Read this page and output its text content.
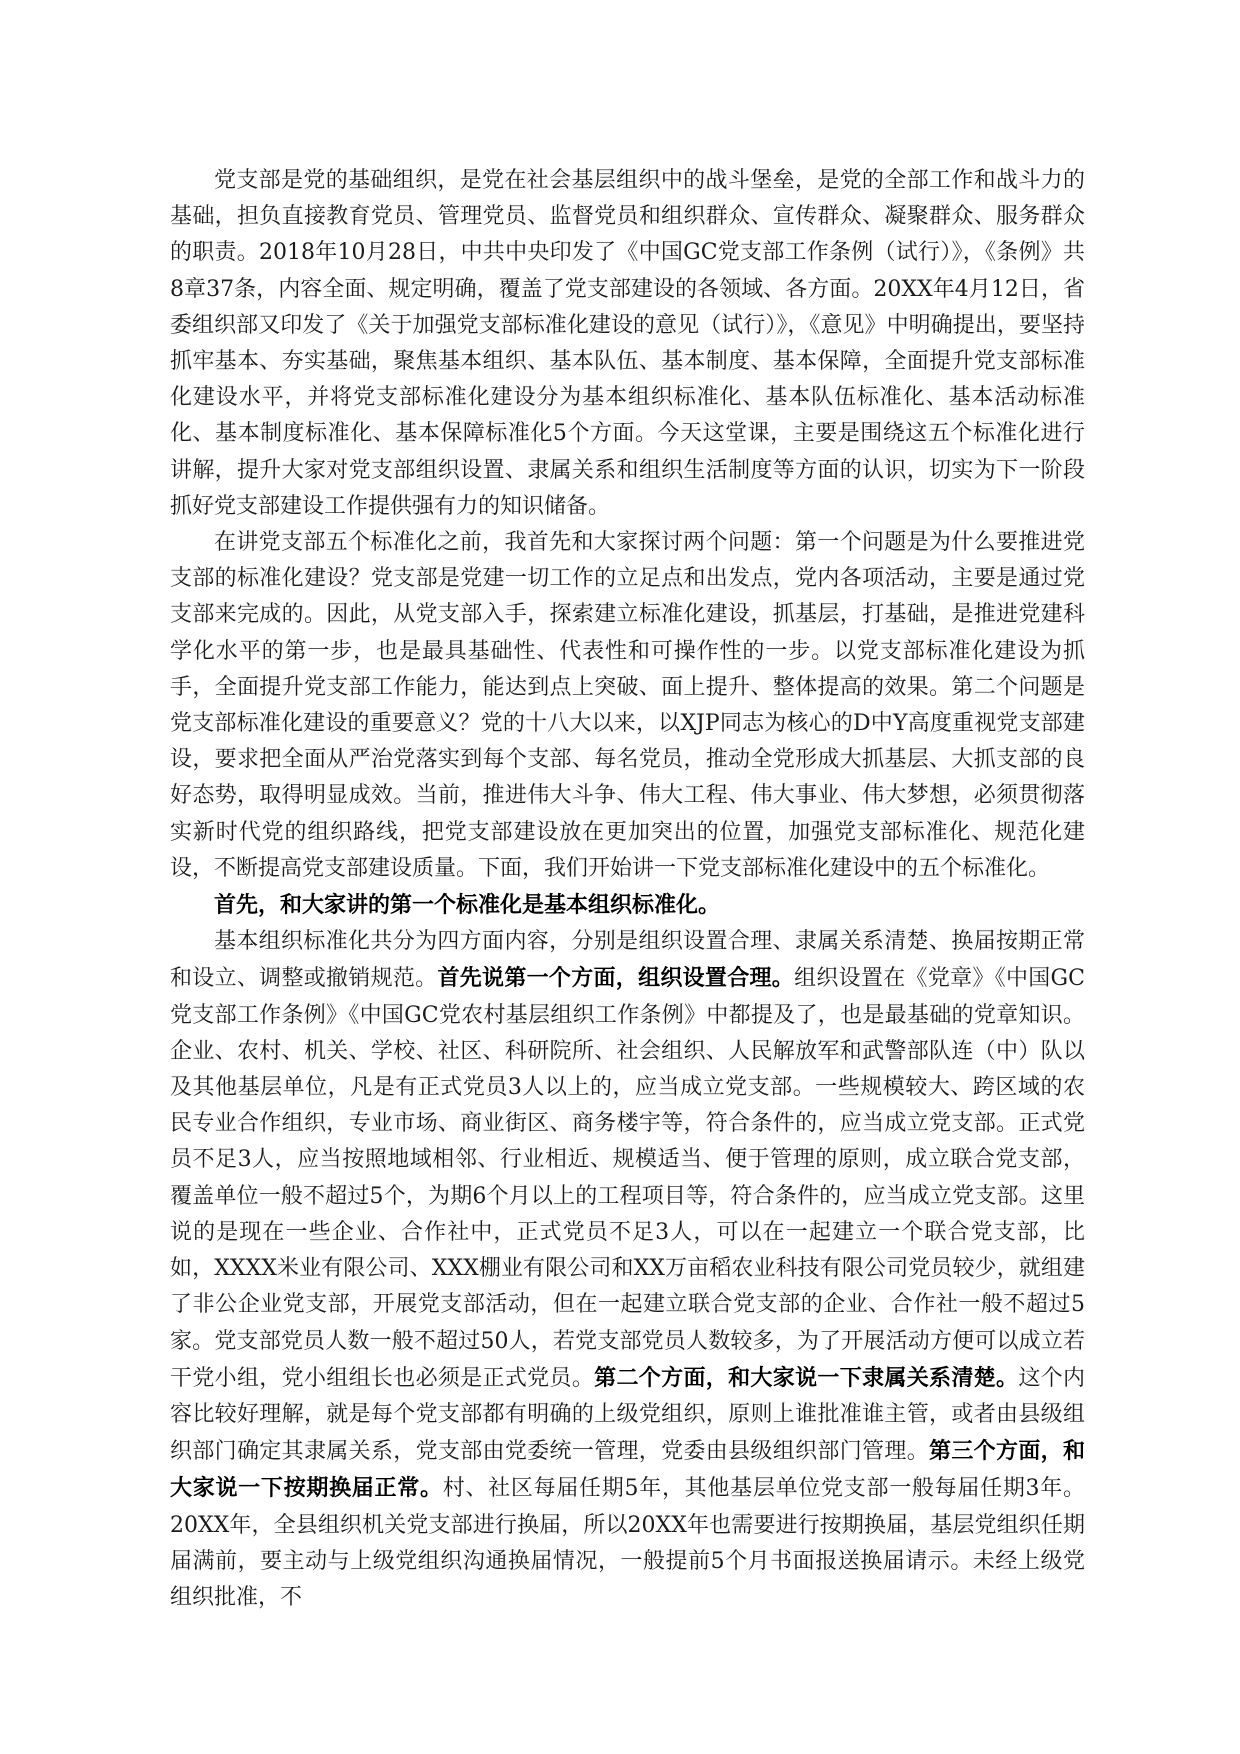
党支部是党的基础组织，是党在社会基层组织中的战斗堡垒，是党的全部工作和战斗力的基础，担负直接教育党员、管理党员、监督党员和组织群众、宣传群众、凝聚群众、服务群众的职责。2018年10月28日，中共中央印发了《中国GC党支部工作条例（试行）》，《条例》共8章37条，内容全面、规定明确，覆盖了党支部建设的各领域、各方面。20XX年4月12日，省委组织部又印发了《关于加强党支部标准化建设的意见（试行）》，《意见》中明确提出，要坚持抓牢基本、夯实基础，聚焦基本组织、基本队伍、基本制度、基本保障，全面提升党支部标准化建设水平，并将党支部标准化建设分为基本组织标准化、基本队伍标准化、基本活动标准化、基本制度标准化、基本保障标准化5个方面。今天这堂课，主要是围绕这五个标准化进行讲解，提升大家对党支部组织设置、隶属关系和组织生活制度等方面的认识，切实为下一阶段抓好党支部建设工作提供强有力的知识储备。

在讲党支部五个标准化之前，我首先和大家探讨两个问题：第一个问题是为什么要推进党支部的标准化建设？党支部是党建一切工作的立足点和出发点，党内各项活动，主要是通过党支部来完成的。因此，从党支部入手，探索建立标准化建设，抓基层，打基础，是推进党建科学化水平的第一步，也是最具基础性、代表性和可操作性的一步。以党支部标准化建设为抓手，全面提升党支部工作能力，能达到点上突破、面上提升、整体提高的效果。第二个问题是党支部标准化建设的重要意义？党的十八大以来，以XJP同志为核心的D中Y高度重视党支部建设，要求把全面从严治党落实到每个支部、每名党员，推动全党形成大抓基层、大抓支部的良好态势，取得明显成效。当前，推进伟大斗争、伟大工程、伟大事业、伟大梦想，必须贯彻落实新时代党的组织路线，把党支部建设放在更加突出的位置，加强党支部标准化、规范化建设，不断提高党支部建设质量。下面，我们开始讲一下党支部标准化建设中的五个标准化。

首先，和大家讲的第一个标准化是基本组织标准化。

基本组织标准化共分为四方面内容，分别是组织设置合理、隶属关系清楚、换届按期正常和设立、调整或撤销规范。首先说第一个方面，组织设置合理。组织设置在《党章》《中国GC党支部工作条例》《中国GC党农村基层组织工作条例》中都提及了，也是最基础的党章知识。企业、农村、机关、学校、社区、科研院所、社会组织、人民解放军和武警部队连（中）队以及其他基层单位，凡是有正式党员3人以上的，应当成立党支部。一些规模较大、跨区域的农民专业合作组织，专业市场、商业街区、商务楼宇等，符合条件的，应当成立党支部。正式党员不足3人，应当按照地域相邻、行业相近、规模适当、便于管理的原则，成立联合党支部，覆盖单位一般不超过5个，为期6个月以上的工程项目等，符合条件的，应当成立党支部。这里说的是现在一些企业、合作社中，正式党员不足3人，可以在一起建立一个联合党支部，比如，XXXX米业有限公司、XXX棚业有限公司和XX万亩稻农业科技有限公司党员较少，就组建了非公企业党支部，开展党支部活动，但在一起建立联合党支部的企业、合作社一般不超过5家。党支部党员人数一般不超过50人，若党支部党员人数较多，为了开展活动方便可以成立若干党小组，党小组组长也必须是正式党员。第二个方面，和大家说一下隶属关系清楚。这个内容比较好理解，就是每个党支部都有明确的上级党组织，原则上谁批准谁主管，或者由县级组织部门确定其隶属关系，党支部由党委统一管理，党委由县级组织部门管理。第三个方面，和大家说一下按期换届正常。村、社区每届任期5年，其他基层单位党支部一般每届任期3年。20XX年，全县组织机关党支部进行换届，所以20XX年也需要进行按期换届，基层党组织任期届满前，要主动与上级党组织沟通换届情况，一般提前5个月书面报送换届请示。未经上级党组织批准，不
